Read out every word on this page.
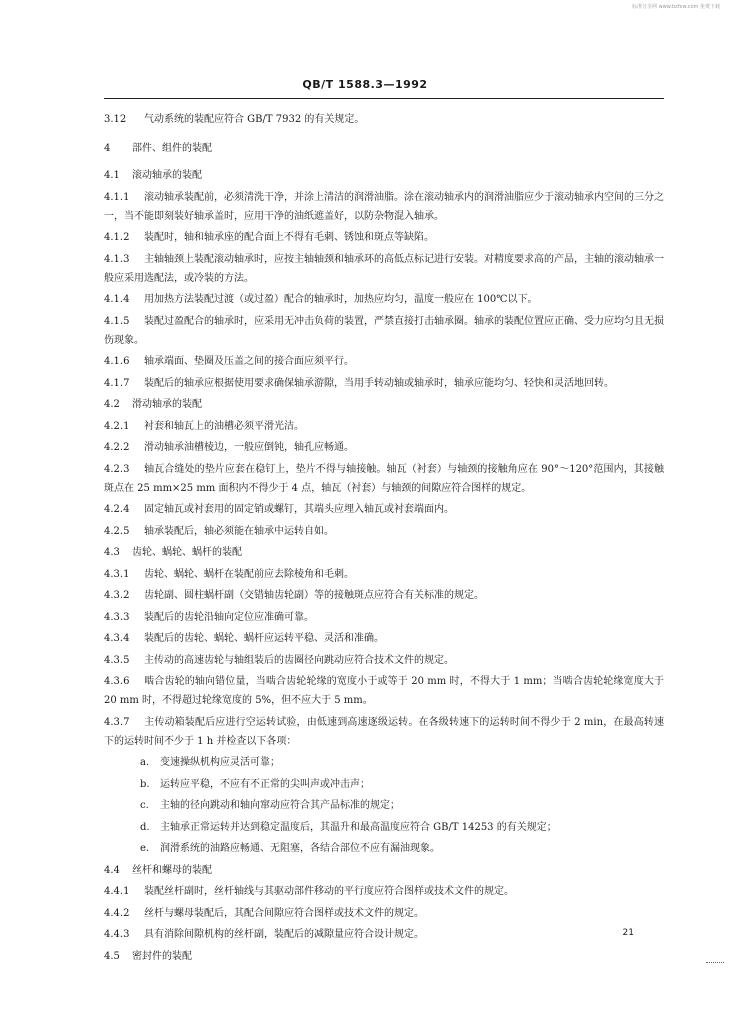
标准分享网 www.bzfxw.com 免费下载
QB/T 1588.3—1992
3.12 气动系统的装配应符合 GB/T 7932 的有关规定。
4 部件、组件的装配
4.1 滚动轴承的装配
4.1.1 滚动轴承装配前，必须清洗干净，并涂上清洁的润滑油脂。涂在滚动轴承内的润滑油脂应少于滚动轴承内空间的三分之一，当不能即刻装好轴承盖时，应用干净的油纸遮盖好，以防杂物混入轴承。
4.1.2 装配时，轴和轴承座的配合面上不得有毛刺、锈蚀和斑点等缺陷。
4.1.3 主轴轴颈上装配滚动轴承时，应按主轴轴颈和轴承环的高低点标记进行安装。对精度要求高的产品，主轴的滚动轴承一般应采用选配法，或冷装的方法。
4.1.4 用加热方法装配过渡（或过盈）配合的轴承时，加热应均匀，温度一般应在 100℃以下。
4.1.5 装配过盈配合的轴承时，应采用无冲击负荷的装置，严禁直接打击轴承圈。轴承的装配位置应正确、受力应均匀且无损伤现象。
4.1.6 轴承端面、垫圈及压盖之间的接合面应须平行。
4.1.7 装配后的轴承应根据使用要求确保轴承游隙，当用手转动轴或轴承时，轴承应能均匀、轻快和灵活地回转。
4.2 滑动轴承的装配
4.2.1 衬套和轴瓦上的油槽必须平滑光洁。
4.2.2 滑动轴承油槽棱边，一般应倒钝，轴孔应畅通。
4.2.3 轴瓦合缝处的垫片应套在稳钉上，垫片不得与轴接触。轴瓦（衬套）与轴颈的接触角应在 90°～120°范围内，其接触斑点在 25 mm×25 mm 面积内不得少于 4 点，轴瓦（衬套）与轴颈的间隙应符合图样的规定。
4.2.4 固定轴瓦或衬套用的固定销或螺钉，其端头应埋入轴瓦或衬套端面内。
4.2.5 轴承装配后，轴必须能在轴承中运转自如。
4.3 齿轮、蜗轮、蜗杆的装配
4.3.1 齿轮、蜗轮、蜗杆在装配前应去除棱角和毛刺。
4.3.2 齿轮副、圆柱蜗杆副（交错轴齿轮副）等的接触斑点应符合有关标准的规定。
4.3.3 装配后的齿轮沿轴向定位应准确可靠。
4.3.4 装配后的齿轮、蜗轮、蜗杆应运转平稳、灵活和准确。
4.3.5 主传动的高速齿轮与轴组装后的齿圈径向跳动应符合技术文件的规定。
4.3.6 啮合齿轮的轴向错位量，当啮合齿轮轮缘的宽度小于或等于 20 mm 时，不得大于 1 mm；当啮合齿轮轮缘宽度大于 20 mm 时，不得超过轮缘宽度的 5%，但不应大于 5 mm。
4.3.7 主传动箱装配后应进行空运转试验，由低速到高速逐级运转。在各级转速下的运转时间不得少于 2 min，在最高转速下的运转时间不少于 1 h 并检查以下各项：
a. 变速操纵机构应灵活可靠；
b. 运转应平稳，不应有不正常的尖叫声或冲击声；
c. 主轴的径向跳动和轴向窜动应符合其产品标准的规定；
d. 主轴承正常运转并达到稳定温度后，其温升和最高温度应符合 GB/T 14253 的有关规定；
e. 润滑系统的油路应畅通、无阻塞，各结合部位不应有漏油现象。
4.4 丝杆和螺母的装配
4.4.1 装配丝杆副时，丝杆轴线与其驱动部件移动的平行度应符合图样或技术文件的规定。
4.4.2 丝杆与螺母装配后，其配合间隙应符合图样或技术文件的规定。
4.4.3 具有消除间隙机构的丝杆副，装配后的减隙量应符合设计规定。
4.5 密封件的装配
21
